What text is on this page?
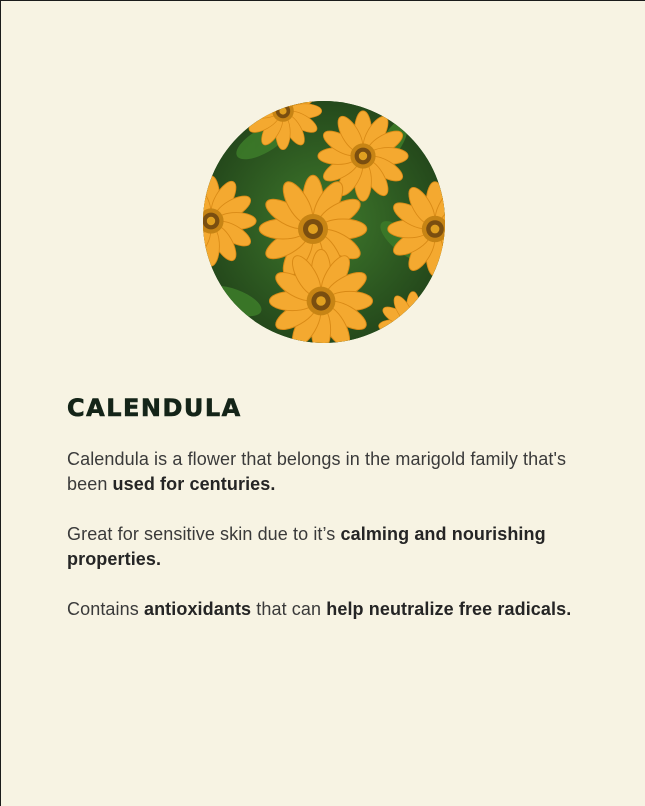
CALENDULA

Calendula is a flower that belongs in the marigold family that's been used for centuries.

Great for sensitive skin due to it’s calming and nourishing properties.

Contains antioxidants that can help neutralize free radicals.
